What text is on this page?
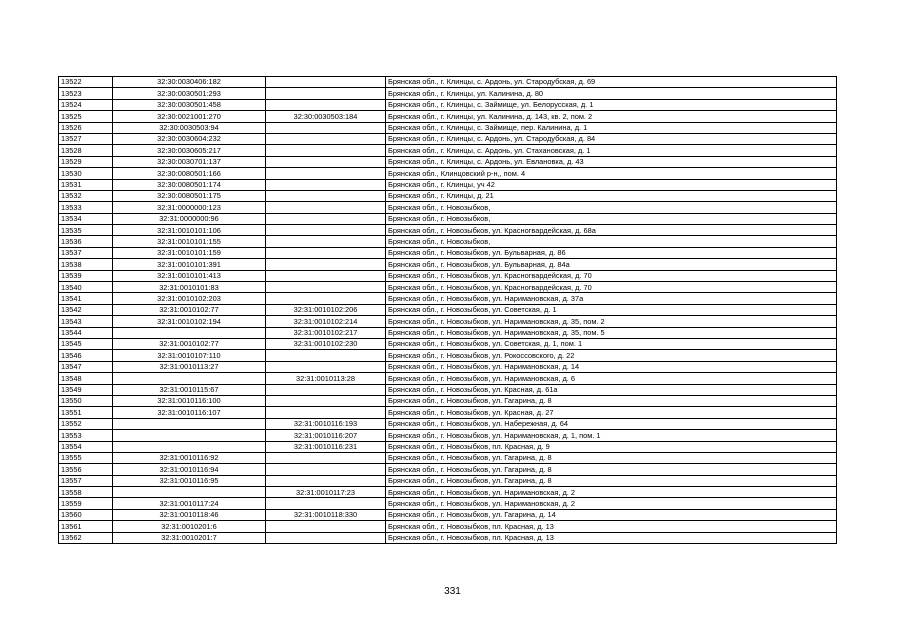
13522	32:30:0030406:182		Брянская обл., г. Клинцы, с. Ардонь, ул. Стародубская, д. 69
13523	32:30:0030501:293		Брянская обл., г. Клинцы, ул. Калинина, д. 80
13524	32:30:0030501:458		Брянская обл., г. Клинцы, с. Займище, ул. Белорусская, д. 1
13525	32:30:0021001:270	32:30:0030503:184	Брянская обл., г. Клинцы, ул. Калинина, д. 143, кв. 2, пом. 2
13526	32:30:0030503:94		Брянская обл., г. Клинцы, с. Займище, пер. Калинина, д. 1
13527	32:30:0030604:232		Брянская обл., г. Клинцы, с. Ардонь, ул. Стародубская, д. 84
13528	32:30:0030605:217		Брянская обл., г. Клинцы, с. Ардонь, ул. Стахановская, д. 1
13529	32:30:0030701:137		Брянская обл., г. Клинцы, с. Ардонь, ул. Евлановка, д. 43
13530	32:30:0080501:166		Брянская обл., Клинцовский р-н,, пом. 4
13531	32:30:0080501:174		Брянская обл., г. Клинцы, уч 42
13532	32:30:0080501:175		Брянская обл., г. Клинцы, д. 21
13533	32:31:0000000:123		Брянская обл., г. Новозыбков,
13534	32:31:0000000:96		Брянская обл., г. Новозыбков,
13535	32:31:0010101:106		Брянская обл., г. Новозыбков, ул. Красногвардейская, д. 68а
13536	32:31:0010101:155		Брянская обл., г. Новозыбков,
13537	32:31:0010101:159		Брянская обл., г. Новозыбков, ул. Бульварная, д. 86
13538	32:31:0010101:391		Брянская обл., г. Новозыбков, ул. Бульварная, д. 84а
13539	32:31:0010101:413		Брянская обл., г. Новозыбков, ул. Красногвардейская, д. 70
13540	32:31:0010101:83		Брянская обл., г. Новозыбков, ул. Красногвардейская, д. 70
13541	32:31:0010102:203		Брянская обл., г. Новозыбков, ул. Наримановская, д. 37а
13542	32:31:0010102:77	32:31:0010102:206	Брянская обл., г. Новозыбков, ул. Советская, д. 1
13543	32:31:0010102:194	32:31:0010102:214	Брянская обл., г. Новозыбков, ул. Наримановская, д. 35, пом. 2
13544		32:31:0010102:217	Брянская обл., г. Новозыбков, ул. Наримановская, д. 35, пом. 5
13545	32:31:0010102:77	32:31:0010102:230	Брянская обл., г. Новозыбков, ул. Советская, д. 1, пом. 1
13546	32:31:0010107:110		Брянская обл., г. Новозыбков, ул. Рокоссовского, д. 22
13547	32:31:0010113:27		Брянская обл., г. Новозыбков, ул. Наримановская, д. 14
13548		32:31:0010113:28	Брянская обл., г. Новозыбков, ул. Наримановская, д. 6
13549	32:31:0010115:67		Брянская обл., г. Новозыбков, ул. Красная, д. 61а
13550	32:31:0010116:100		Брянская обл., г. Новозыбков, ул. Гагарина, д. 8
13551	32:31:0010116:107		Брянская обл., г. Новозыбков, ул. Красная, д. 27
13552		32:31:0010116:193	Брянская обл., г. Новозыбков, ул. Набережная, д. 64
13553		32:31:0010116:207	Брянская обл., г. Новозыбков, ул. Наримановская, д. 1, пом. 1
13554		32:31:0010116:231	Брянская обл., г. Новозыбков, пл. Красная, д. 9
13555	32:31:0010116:92		Брянская обл., г. Новозыбков, ул. Гагарина, д. 8
13556	32:31:0010116:94		Брянская обл., г. Новозыбков, ул. Гагарина, д. 8
13557	32:31:0010116:95		Брянская обл., г. Новозыбков, ул. Гагарина, д. 8
13558		32:31:0010117:23	Брянская обл., г. Новозыбков, ул. Наримановская, д. 2
13559	32:31:0010117:24		Брянская обл., г. Новозыбков, ул. Наримановская, д. 2
13560	32:31:0010118:46	32:31:0010118:330	Брянская обл., г. Новозыбков, ул. Гагарина, д. 14
13561	32:31:0010201:6		Брянская обл., г. Новозыбков, пл. Красная, д. 13
13562	32:31:0010201:7		Брянская обл., г. Новозыбков, пл. Красная, д. 13
331
